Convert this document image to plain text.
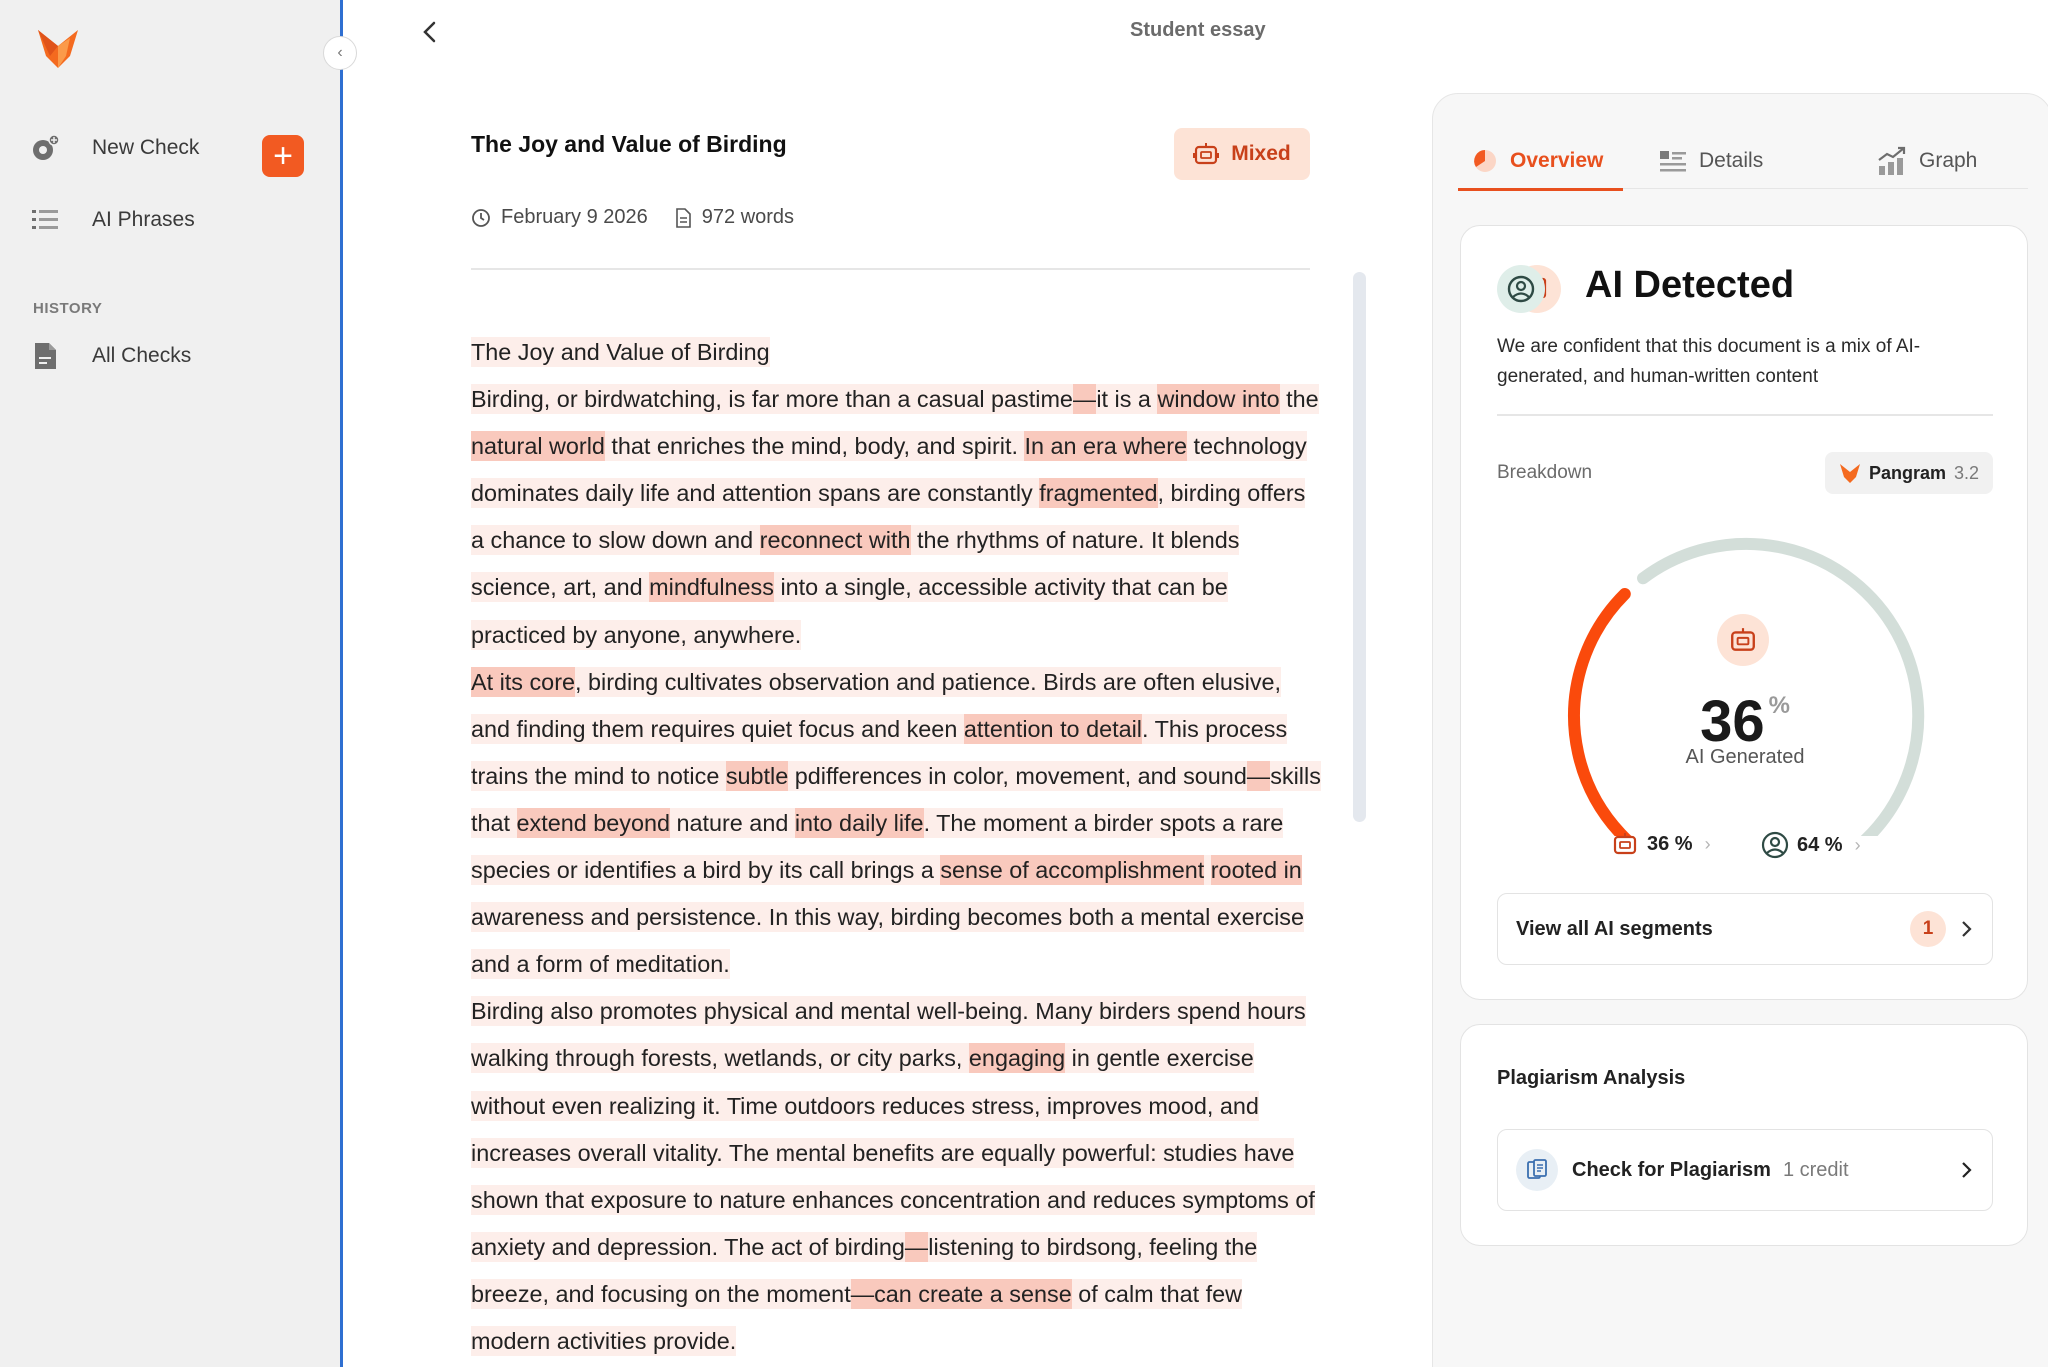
New Check	+
AI Phrases
HISTORY
All Checks
‹
Student essay
The Joy and Value of Birding	Mixed
February 9 2026	972 words

The Joy and Value of Birding

Birding, or birdwatching, is far more than a casual pastime—it is a window into the natural world that enriches the mind, body, and spirit. In an era where technology dominates daily life and attention spans are constantly fragmented, birding offers a chance to slow down and reconnect with the rhythms of nature. It blends science, art, and mindfulness into a single, accessible activity that can be practiced by anyone, anywhere.

At its core, birding cultivates observation and patience. Birds are often elusive, and finding them requires quiet focus and keen attention to detail. This process trains the mind to notice subtle pdifferences in color, movement, and sound—skills that extend beyond nature and into daily life. The moment a birder spots a rare species or identifies a bird by its call brings a sense of accomplishment rooted in awareness and persistence. In this way, birding becomes both a mental exercise and a form of meditation.

Birding also promotes physical and mental well-being. Many birders spend hours walking through forests, wetlands, or city parks, engaging in gentle exercise without even realizing it. Time outdoors reduces stress, improves mood, and increases overall vitality. The mental benefits are equally powerful: studies have shown that exposure to nature enhances concentration and reduces symptoms of anxiety and depression. The act of birding—listening to birdsong, feeling the breeze, and focusing on the moment—can create a sense of calm that few modern activities provide.

Overview	Details	Graph
AI Detected
We are confident that this document is a mix of AI-generated, and human-written content
Breakdown	Pangram 3.2
36 %
AI Generated
36 % ›	64 % ›
View all AI segments	1
Plagiarism Analysis
Check for Plagiarism 1 credit
